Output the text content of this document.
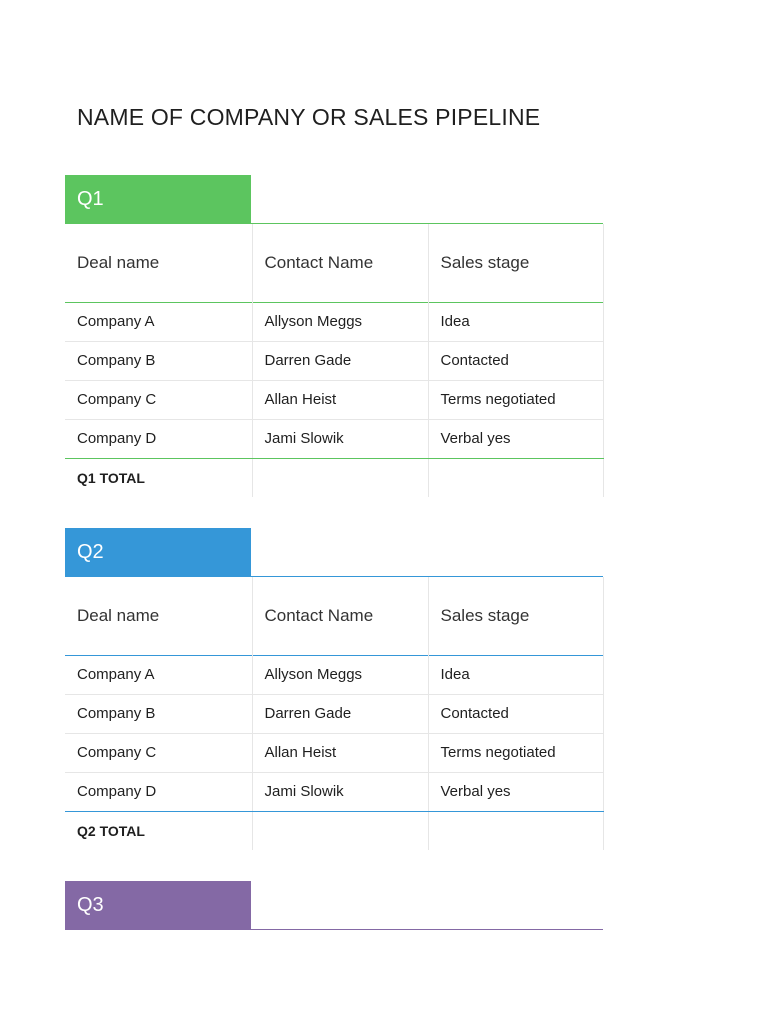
NAME OF COMPANY OR SALES PIPELINE
Q1
Deal name	Contact Name	Sales stage
Company A	Allyson Meggs	Idea
Company B	Darren Gade	Contacted
Company C	Allan Heist	Terms negotiated
Company D	Jami Slowik	Verbal yes
Q1 TOTAL		
Q2
Deal name	Contact Name	Sales stage
Company A	Allyson Meggs	Idea
Company B	Darren Gade	Contacted
Company C	Allan Heist	Terms negotiated
Company D	Jami Slowik	Verbal yes
Q2 TOTAL		
Q3
